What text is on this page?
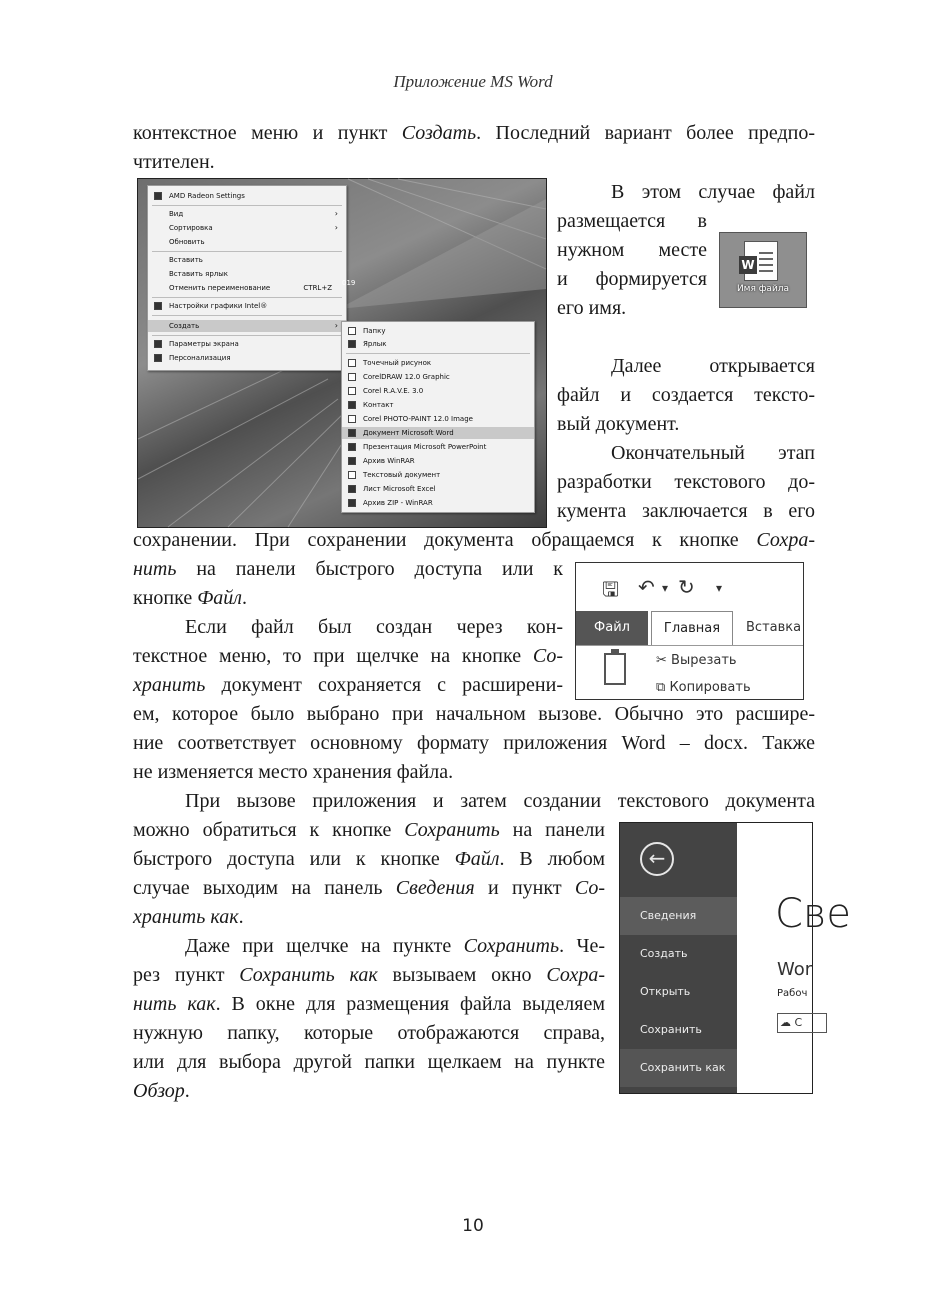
Приложение MS Word
контекстное меню и пункт Создать. Последний вариант более предпо-
чтителен.
В этом случае файл
размещается в
нужном месте
и формируется
его имя.
Далее открывается
файл и создается тексто-
вый документ.
Окончательный этап
разработки текстового до-
кумента заключается в его
сохранении. При сохранении документа обращаемся к кнопке Сохра-
нить на панели быстрого доступа или к
кнопке Файл.
Если файл был создан через кон-
текстное меню, то при щелчке на кнопке Со-
хранить документ сохраняется с расширени-
ем, которое было выбрано при начальном вызове. Обычно это расшире-
ние соответствует основному формату приложения Word – docx. Также
не изменяется место хранения файла.
При вызове приложения и затем создании текстового документа
можно обратиться к кнопке Сохранить на панели
быстрого доступа или к кнопке Файл. В любом
случае выходим на панель Сведения и пункт Со-
хранить как.
Даже при щелчке на пункте Сохранить. Че-
рез пункт Сохранить как вызываем окно Сохра-
нить как. В окне для размещения файла выделяем
нужную папку, которые отображаются справа,
или для выбора другой папки щелкаем на пункте
Обзор.
AMD Radeon Settings
Вид	›
Сортировка	›
Обновить
Вставить
Вставить ярлык
Отменить переименование	CTRL+Z
Настройки графики Intel®
Создать	›
Параметры экрана
Персонализация
019
Папку
Ярлык
Точечный рисунок
CorelDRAW 12.0 Graphic
Corel R.A.V.E. 3.0
Контакт
Corel PHOTO-PAINT 12.0 Image
Документ Microsoft Word
Презентация Microsoft PowerPoint
Архив WinRAR
Текстовый документ
Лист Microsoft Excel
Архив ZIP - WinRAR
W
Имя файла
🖫 ↶ ▾ ↻ ▾
Файл	Главная	Вставка
✂ Вырезать
⧉ Копировать
←
Сведения
Создать
Открыть
Сохранить
Сохранить как
Све
Wor
Рабоч
☁ С
10
